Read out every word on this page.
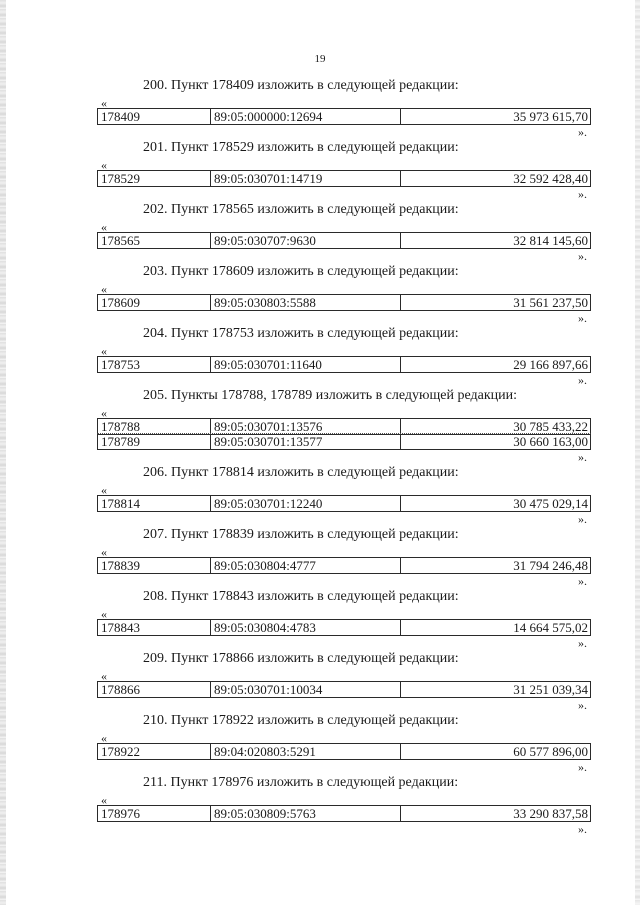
19
200. Пункт 178409 изложить в следующей редакции:
«
178409	89:05:000000:12694	35 973 615,70
».
201. Пункт 178529 изложить в следующей редакции:
«
178529	89:05:030701:14719	32 592 428,40
».
202. Пункт 178565 изложить в следующей редакции:
«
178565	89:05:030707:9630	32 814 145,60
».
203. Пункт 178609 изложить в следующей редакции:
«
178609	89:05:030803:5588	31 561 237,50
».
204. Пункт 178753 изложить в следующей редакции:
«
178753	89:05:030701:11640	29 166 897,66
».
205. Пункты 178788, 178789 изложить в следующей редакции:
«
178788	89:05:030701:13576	30 785 433,22
178789	89:05:030701:13577	30 660 163,00
».
206. Пункт 178814 изложить в следующей редакции:
«
178814	89:05:030701:12240	30 475 029,14
».
207. Пункт 178839 изложить в следующей редакции:
«
178839	89:05:030804:4777	31 794 246,48
».
208. Пункт 178843 изложить в следующей редакции:
«
178843	89:05:030804:4783	14 664 575,02
».
209. Пункт 178866 изложить в следующей редакции:
«
178866	89:05:030701:10034	31 251 039,34
».
210. Пункт 178922 изложить в следующей редакции:
«
178922	89:04:020803:5291	60 577 896,00
».
211. Пункт 178976 изложить в следующей редакции:
«
178976	89:05:030809:5763	33 290 837,58
».
